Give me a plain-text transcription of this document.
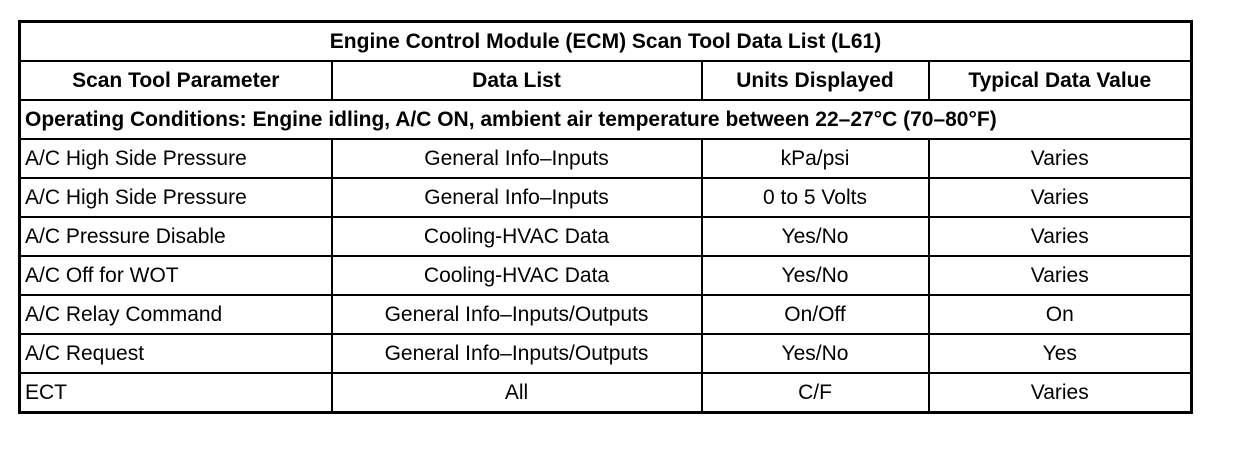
Engine Control Module (ECM) Scan Tool Data List (L61)			
Scan Tool Parameter	Data List	Units Displayed	Typical Data Value
Operating Conditions: Engine idling, A/C ON, ambient air temperature between 22–27°C (70–80°F)			
A/C High Side Pressure	General Info–Inputs	kPa/psi	Varies
A/C High Side Pressure	General Info–Inputs	0 to 5 Volts	Varies
A/C Pressure Disable	Cooling-HVAC Data	Yes/No	Varies
A/C Off for WOT	Cooling-HVAC Data	Yes/No	Varies
A/C Relay Command	General Info–Inputs/Outputs	On/Off	On
A/C Request	General Info–Inputs/Outputs	Yes/No	Yes
ECT	All	C/F	Varies
